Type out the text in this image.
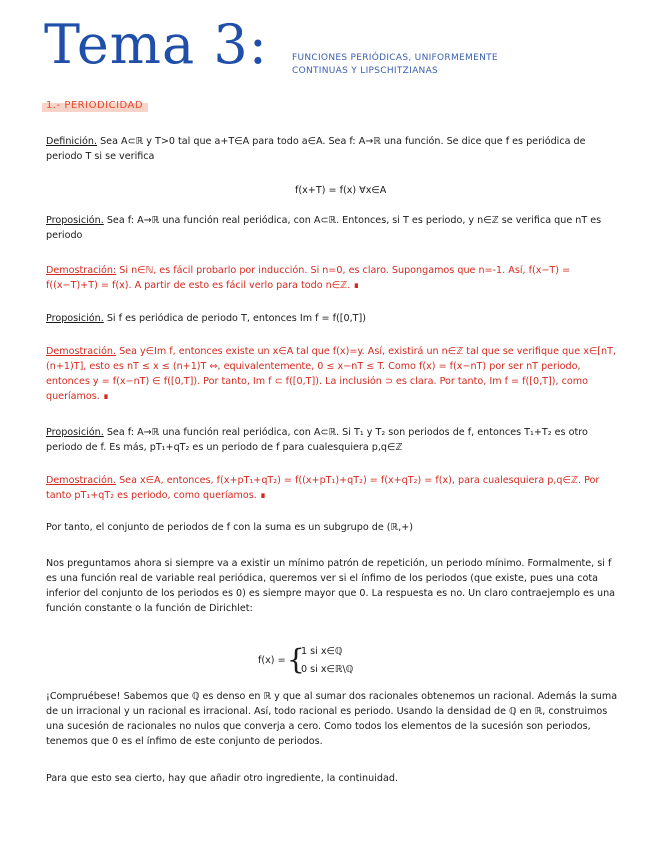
Tema 3:	FUNCIONES PERIÓDICAS, UNIFORMEMENTE CONTINUAS Y LIPSCHITZIANAS
1.- PERIODICIDAD
Definición. Sea A⊂ℝ y T>0 tal que a+T∈A para todo a∈A. Sea f: A→ℝ una función. Se dice que f es periódica de periodo T si se verifica
f(x+T) = f(x) ∀x∈A
Proposición. Sea f: A→ℝ una función real periódica, con A⊂ℝ. Entonces, si T es periodo, y n∈ℤ se verifica que nT es periodo
Demostración: Si n∈ℕ, es fácil probarlo por inducción. Si n=0, es claro. Supongamos que n=-1. Así, f(x−T) = f((x−T)+T) = f(x). A partir de esto es fácil verlo para todo n∈ℤ. ∎
Proposición. Si f es periódica de periodo T, entonces Im f = f([0,T])
Demostración. Sea y∈Im f, entonces existe un x∈A tal que f(x)=y. Así, existirá un n∈ℤ tal que se verifique que x∈[nT, (n+1)T], esto es nT ≤ x ≤ (n+1)T ⇔, equivalentemente, 0 ≤ x−nT ≤ T. Como f(x) = f(x−nT) por ser nT periodo, entonces y = f(x−nT) ∈ f([0,T]). Por tanto, Im f ⊂ f([0,T]). La inclusión ⊃ es clara. Por tanto, Im f = f([0,T]), como queríamos. ∎
Proposición. Sea f: A→ℝ una función real periódica, con A⊂ℝ. Si T₁ y T₂ son periodos de f, entonces T₁+T₂ es otro periodo de f. Es más, pT₁+qT₂ es un periodo de f para cualesquiera p,q∈ℤ
Demostración. Sea x∈A, entonces, f(x+pT₁+qT₂) = f((x+pT₁)+qT₂) = f(x+qT₂) = f(x), para cualesquiera p,q∈ℤ. Por tanto pT₁+qT₂ es periodo, como queríamos. ∎
Por tanto, el conjunto de periodos de f con la suma es un subgrupo de (ℝ,+)
Nos preguntamos ahora si siempre va a existir un mínimo patrón de repetición, un periodo mínimo. Formalmente, si f es una función real de variable real periódica, queremos ver si el ínfimo de los periodos (que existe, pues una cota inferior del conjunto de los periodos es 0) es siempre mayor que 0. La respuesta es no. Un claro contraejemplo es una función constante o la función de Dirichlet:
f(x) = {
1 si x∈ℚ
0 si x∈ℝ\ℚ
¡Compruébese! Sabemos que ℚ es denso en ℝ y que al sumar dos racionales obtenemos un racional. Además la suma de un irracional y un racional es irracional. Así, todo racional es periodo. Usando la densidad de ℚ en ℝ, construimos una sucesión de racionales no nulos que converja a cero. Como todos los elementos de la sucesión son periodos, tenemos que 0 es el ínfimo de este conjunto de periodos.
Para que esto sea cierto, hay que añadir otro ingrediente, la continuidad.
